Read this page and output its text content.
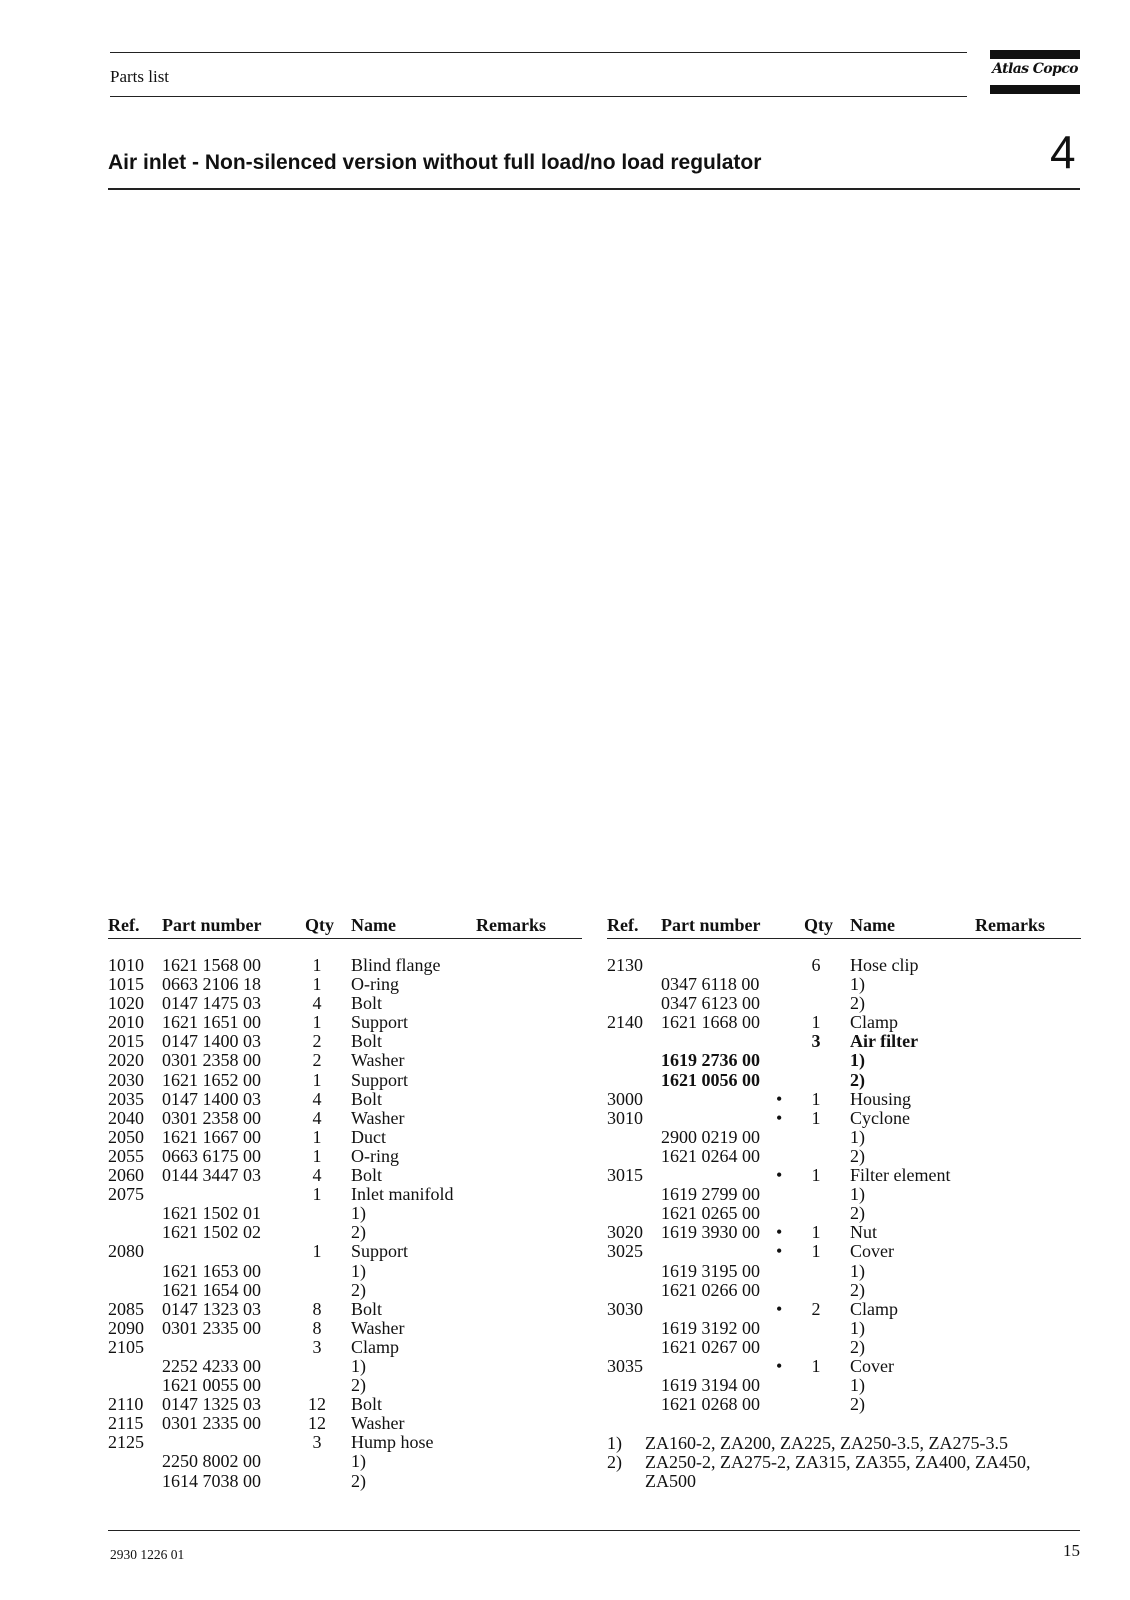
Parts list	Atlas Copco
Air inlet - Non-silenced version without full load/no load regulator	4
Ref. Part number Qty Name	Remarks
1010 1621 1568 00	1	Blind flange
1015 0663 2106 18	1	O-ring
1020 0147 1475 03	4	Bolt
2010 1621 1651 00	1	Support
2015 0147 1400 03	2	Bolt
2020 0301 2358 00	2	Washer
2030 1621 1652 00	1	Support
2035 0147 1400 03	4	Bolt
2040 0301 2358 00	4	Washer
2050 1621 1667 00	1	Duct
2055 0663 6175 00	1	O-ring
2060 0144 3447 03	4	Bolt
2075	1	Inlet manifold
1621 1502 01	1)
1621 1502 02	2)
2080	1	Support
1621 1653 00	1)
1621 1654 00	2)
2085 0147 1323 03	8	Bolt
2090 0301 2335 00	8	Washer
2105	3	Clamp
2252 4233 00	1)
1621 0055 00	2)
2110 0147 1325 03	12 Bolt
2115 0301 2335 00	12 Washer
2125	3	Hump hose
2250 8002 00	1)
1614 7038 00	2)
Ref. Part number Qty Name	Remarks
2130	6	Hose clip
0347 6118 00	1)
0347 6123 00	2)
2140 1621 1668 00	1	Clamp
3	Air filter
1619 2736 00	1)
1621 0056 00	2)
3000	•	1	Housing
3010	•	1	Cyclone
2900 0219 00	1)
1621 0264 00	2)
3015	•	1	Filter element
1619 2799 00	1)
1621 0265 00	2)
3020 1619 3930 00 •	1	Nut
3025	•	1	Cover
1619 3195 00	1)
1621 0266 00	2)
3030	•	2	Clamp
1619 3192 00	1)
1621 0267 00	2)
3035	•	1	Cover
1619 3194 00	1)
1621 0268 00	2)
1) ZA160-2, ZA200, ZA225, ZA250-3.5, ZA275-3.5
2) ZA250-2, ZA275-2, ZA315, ZA355, ZA400, ZA450, ZA500
2930 1226 01	15
